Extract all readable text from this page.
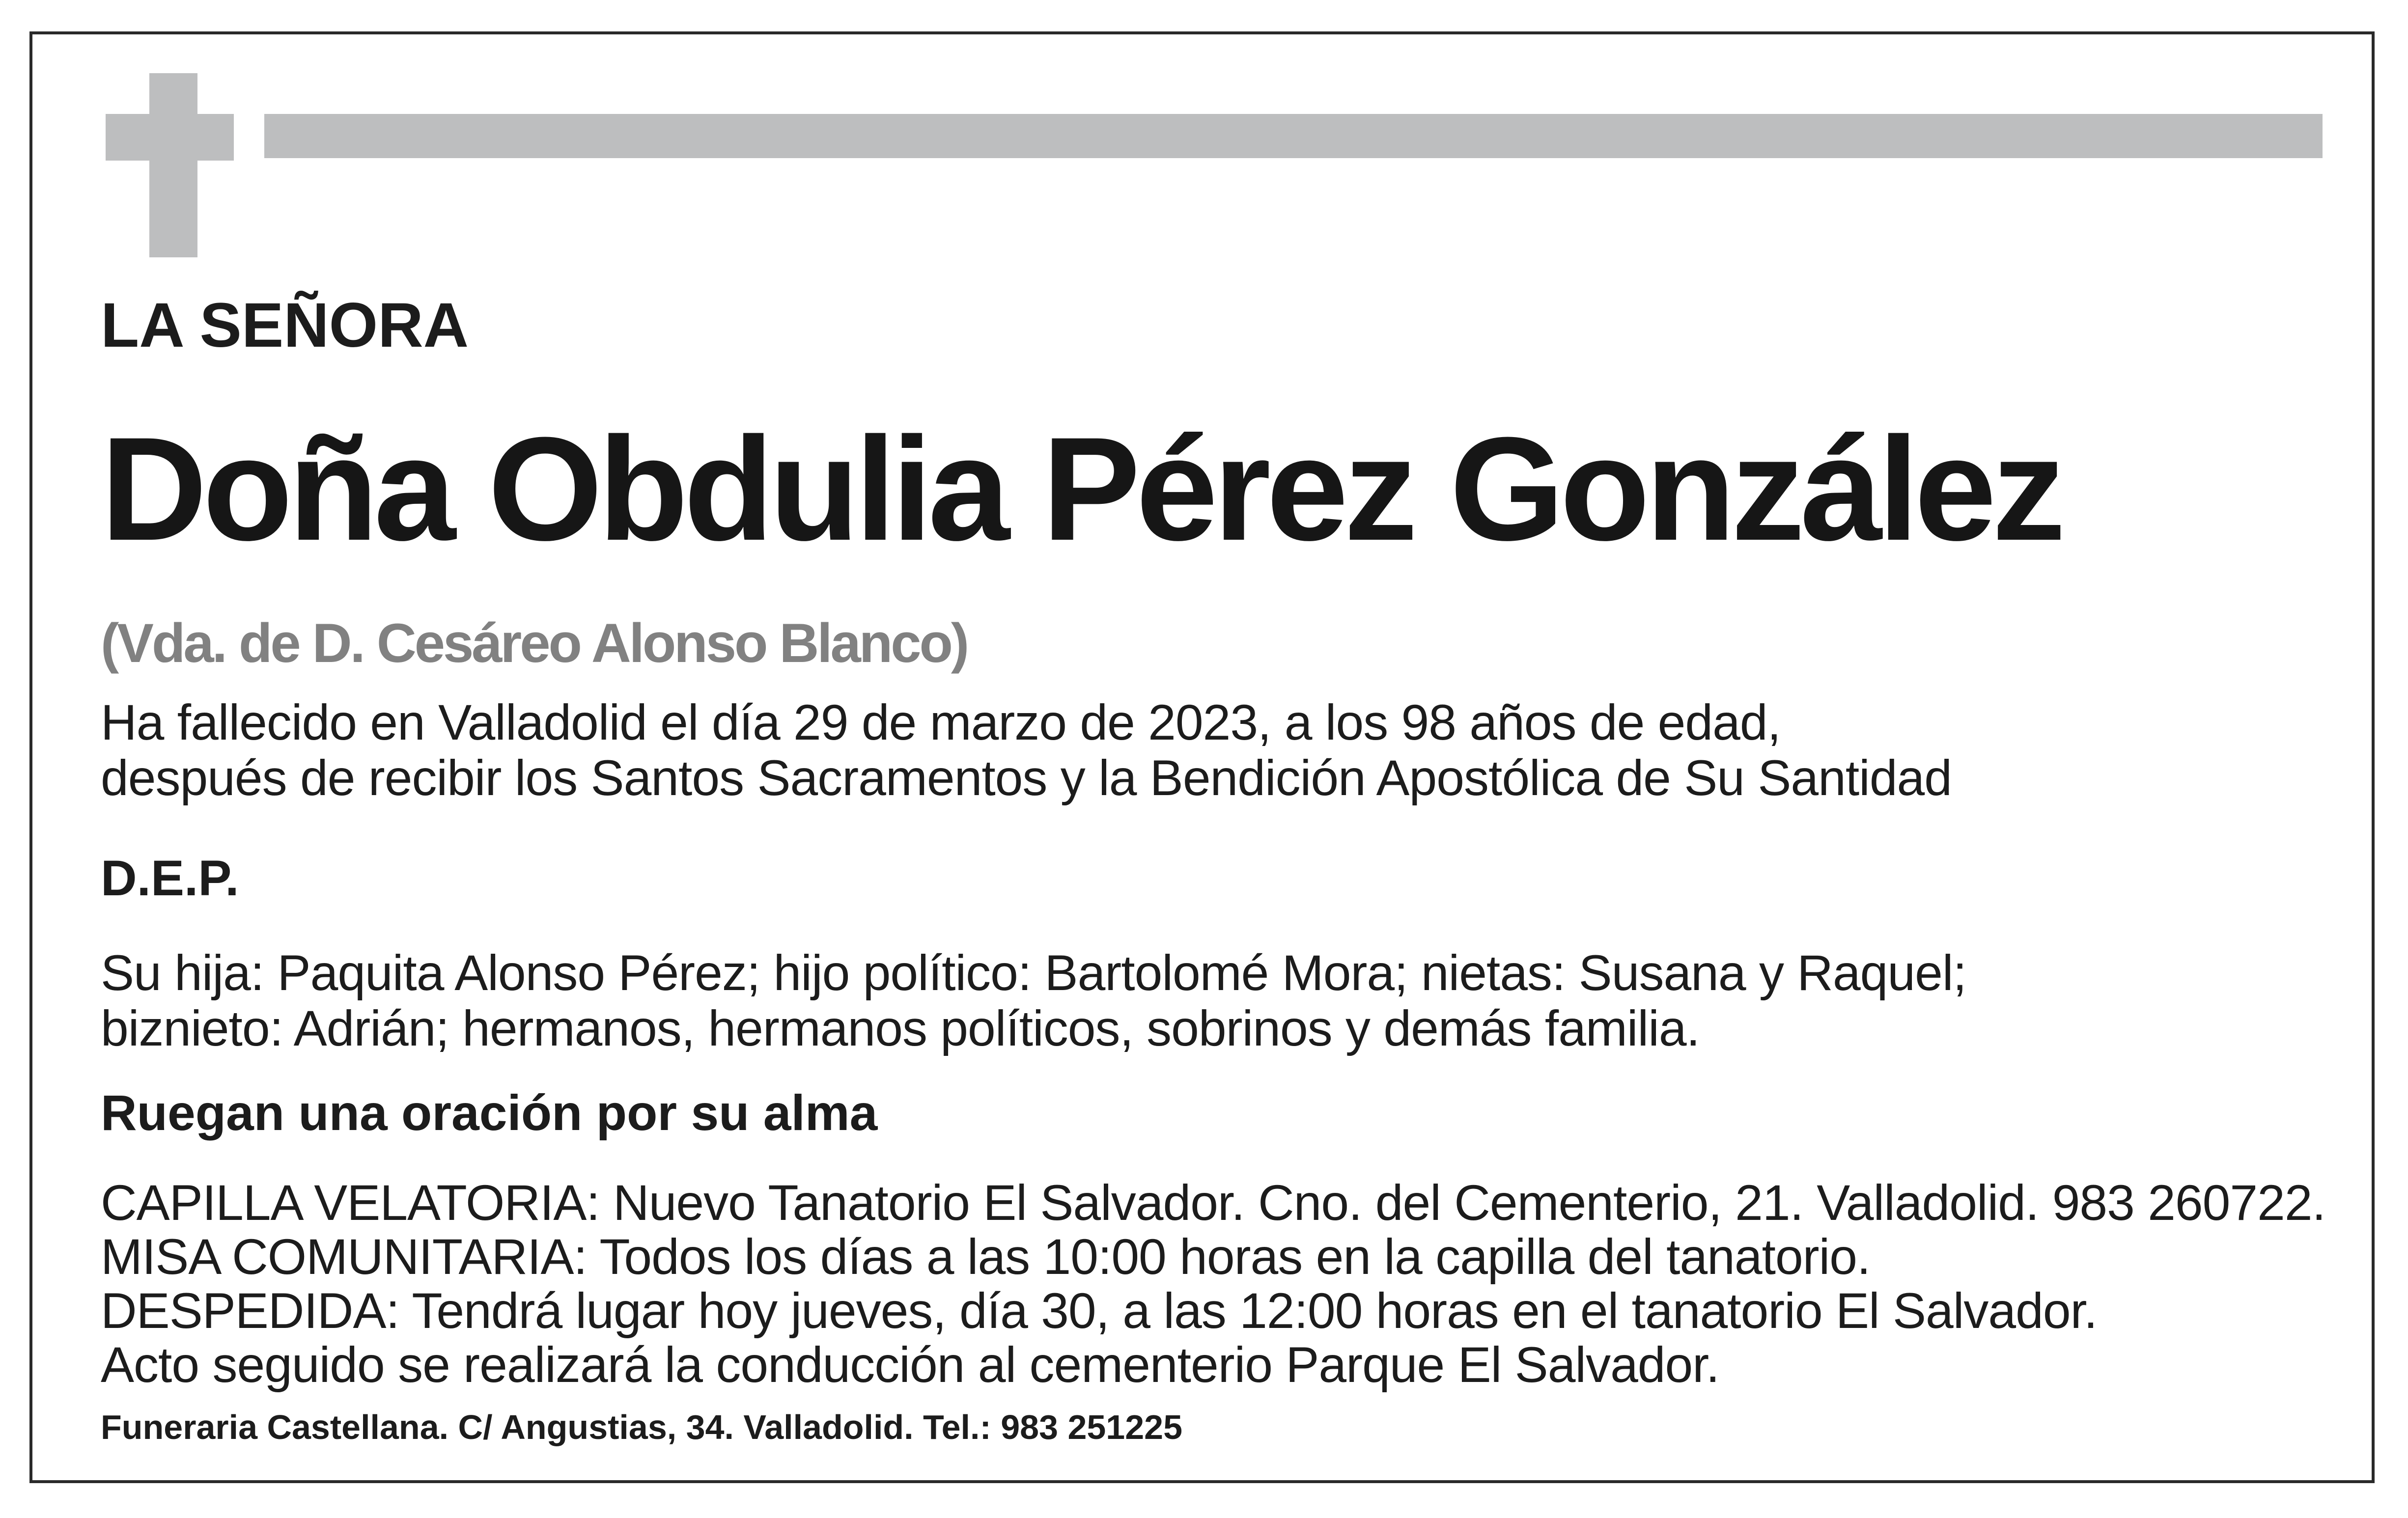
LA SEÑORA

Doña Obdulia Pérez González

(Vda. de D. Cesáreo Alonso Blanco)

Ha fallecido en Valladolid el día 29 de marzo de 2023, a los 98 años de edad,

después de recibir los Santos Sacramentos y la Bendición Apostólica de Su Santidad

D.E.P.

Su hija: Paquita Alonso Pérez; hijo político: Bartolomé Mora; nietas: Susana y Raquel;

biznieto: Adrián; hermanos, hermanos políticos, sobrinos y demás familia.

Ruegan una oración por su alma

CAPILLA VELATORIA: Nuevo Tanatorio El Salvador. Cno. del Cementerio, 21. Valladolid. 983 260722.

MISA COMUNITARIA: Todos los días a las 10:00 horas en la capilla del tanatorio.

DESPEDIDA: Tendrá lugar hoy jueves, día 30, a las 12:00 horas en el tanatorio El Salvador.

Acto seguido se realizará la conducción al cementerio Parque El Salvador.

Funeraria Castellana. C/ Angustias, 34. Valladolid. Tel.: 983 251225
